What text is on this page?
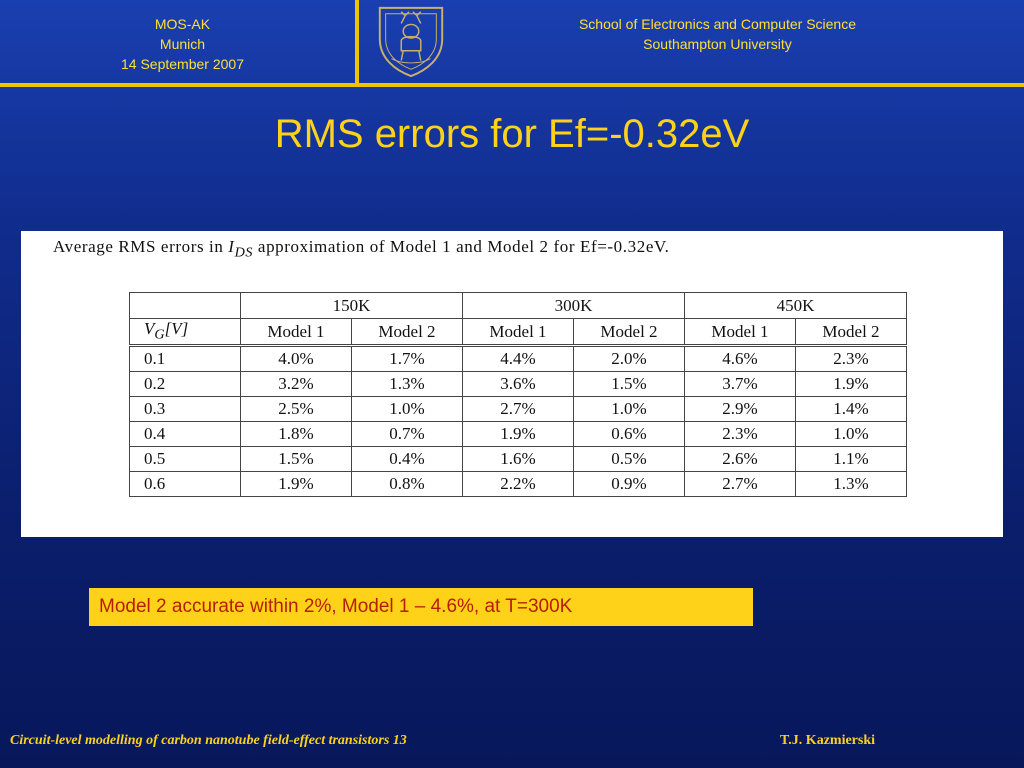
MOS-AK
Munich
14 September 2007
School of Electronics and Computer Science
Southampton University
RMS errors for Ef=-0.32eV
Average RMS errors in $I_{DS}$ approximation of Model 1 and Model 2 for Ef=-0.32eV.
	150K		300K		450K	
$V_G[V]$	Model 1	Model 2	Model 1	Model 2	Model 1	Model 2
0.1	4.0%	1.7%	4.4%	2.0%	4.6%	2.3%
0.2	3.2%	1.3%	3.6%	1.5%	3.7%	1.9%
0.3	2.5%	1.0%	2.7%	1.0%	2.9%	1.4%
0.4	1.8%	0.7%	1.9%	0.6%	2.3%	1.0%
0.5	1.5%	0.4%	1.6%	0.5%	2.6%	1.1%
0.6	1.9%	0.8%	2.2%	0.9%	2.7%	1.3%
Model 2 accurate within 2%, Model 1 – 4.6%, at T=300K
Circuit-level modelling of carbon nanotube field-effect transistors 13	T.J. Kazmierski
